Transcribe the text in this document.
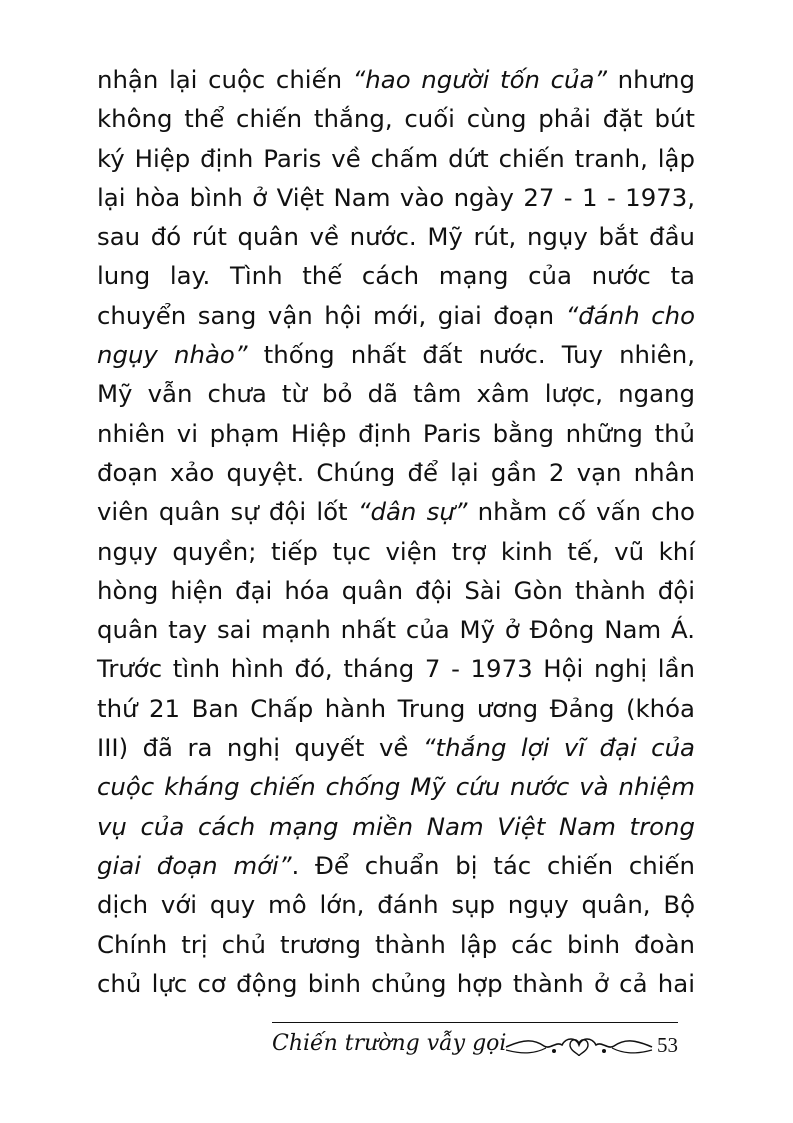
nhận lại cuộc chiến “hao người tốn của” nhưng
không thể chiến thắng, cuối cùng phải đặt bút
ký Hiệp định Paris về chấm dứt chiến tranh, lập
lại hòa bình ở Việt Nam vào ngày 27 - 1 - 1973,
sau đó rút quân về nước. Mỹ rút, ngụy bắt đầu
lung lay. Tình thế cách mạng của nước ta
chuyển sang vận hội mới, giai đoạn “đánh cho
ngụy nhào” thống nhất đất nước. Tuy nhiên,
Mỹ vẫn chưa từ bỏ dã tâm xâm lược, ngang
nhiên vi phạm Hiệp định Paris bằng những thủ
đoạn xảo quyệt. Chúng để lại gần 2 vạn nhân
viên quân sự đội lốt “dân sự” nhằm cố vấn cho
ngụy quyền; tiếp tục viện trợ kinh tế, vũ khí
hòng hiện đại hóa quân đội Sài Gòn thành đội
quân tay sai mạnh nhất của Mỹ ở Đông Nam Á.
Trước tình hình đó, tháng 7 - 1973 Hội nghị lần
thứ 21 Ban Chấp hành Trung ương Đảng (khóa
III) đã ra nghị quyết về “thắng lợi vĩ đại của
cuộc kháng chiến chống Mỹ cứu nước và nhiệm
vụ của cách mạng miền Nam Việt Nam trong
giai đoạn mới”. Để chuẩn bị tác chiến chiến
dịch với quy mô lớn, đánh sụp ngụy quân, Bộ
Chính trị chủ trương thành lập các binh đoàn
chủ lực cơ động binh chủng hợp thành ở cả hai
Chiến trường vẫy gọi	53
